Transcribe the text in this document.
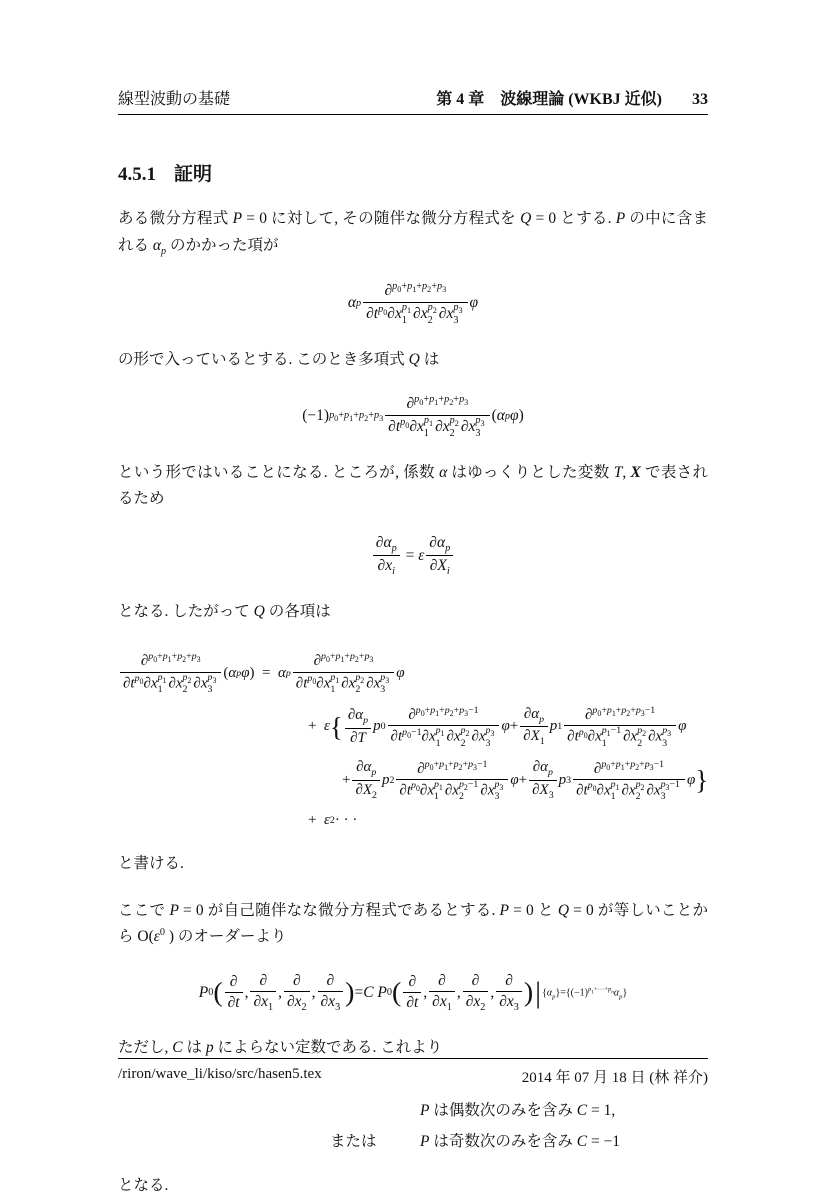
線型波動の基礎	第 4 章 波線理論 (WKBJ 近似) 33
4.5.1 証明

ある微分方程式 P = 0 に対して, その随伴な微分方程式を Q = 0 とする. P の中に含まれる $\alpha_p$ のかかった項が

α p ∂$^{p_0+p_1+p_2+p_3}$
$\partial t^{p_0}\partial x$ $p_1$
1 ∂x $p_2$
2 ∂x $p_3$
3 φ

の形で入っているとする. このとき多項式 Q は

(−1) $p_0+p_1+p_2+p_3$ ∂$^{p_0+p_1+p_2+p_3}$
$\partial t^{p_0}\partial x$ $p_1$
1 ∂x $p_2$
2 ∂x $p_3$
3 ( α p φ )

という形ではいることになる. ところが, 係数 α はゆっくりとした変数 T, X で表されるため

$\frac{\partial\alpha_p}{\partial x_i} = \varepsilon \frac{\partial\alpha_p}{\partial X_i}$

となる. したがって Q の各項は

∂$^{p_0+p_1+p_2+p_3}$
$\partial t^{p_0}\partial x$ $p_1$
1 ∂x $p_2$
2 ∂x $p_3$
3 ( α p φ )  = α p ∂$^{p_0+p_1+p_2+p_3}$
$\partial t^{p_0}\partial x$ $p_1$
1 ∂x $p_2$
2 ∂x $p_3$
3 φ
+ ε { $\frac{\partial\alpha_p}{\partial T}$ p 0 ∂$^{p_0+p_1+p_2+p_3-1}$
$\partial t^{p_0-1}\partial x$ $p_1$
1 ∂x $p_2$
2 ∂x $p_3$
3 $\varphi + \frac{\partial\alpha_p}{\partial X_1}$ p 1 ∂$^{p_0+p_1+p_2+p_3-1}$
$\partial t^{p_0}\partial x$ $p_1-1$
1	∂x $p_2$
2 ∂x $p_3$
3 φ
+ $\frac{\partial\alpha_p}{\partial X_2}$ p 2 ∂$^{p_0+p_1+p_2+p_3-1}$
$\partial t^{p_0}\partial x$ $p_1$
1 ∂x $p_2-1$
2	∂x $p_3$
3 $\varphi + \frac{\partial\alpha_p}{\partial X_3}$ p 3 ∂$^{p_0+p_1+p_2+p_3-1}$
$\partial t^{p_0}\partial x$ $p_1$
1 ∂x $p_2$
2 ∂x $p_3-1$
3 φ }
+ ε 2 · · ·

と書ける.

ここで P = 0 が自己随伴なな微分方程式であるとする. P = 0 と Q = 0 が等しいことから $O(\varepsilon^0$ ) のオーダーより

P 0 ( $\frac{\partial}{\partial t}$ , $\frac{\partial}{\partial x_1}$ , $\frac{\partial}{\partial x_2}$ , $\frac{\partial}{\partial x_3}$ ) = C P 0 ( $\frac{\partial}{\partial t}$ , $\frac{\partial}{\partial x_1}$ , $\frac{\partial}{\partial x_2}$ , $\frac{\partial}{\partial x_3}$ ) | $\{\alpha_p\}=\{(-1)^{p_1+\cdot\cdot\cdot+p_n}\alpha_p\}$

ただし, C は p によらない定数である. これより

P は偶数次のみを含み C = 1,
または	P は奇数次のみを含み C = −1

となる.

/riron/wave_li/kiso/src/hasen5.tex	2014 年 07 月 18 日 (林 祥介)
